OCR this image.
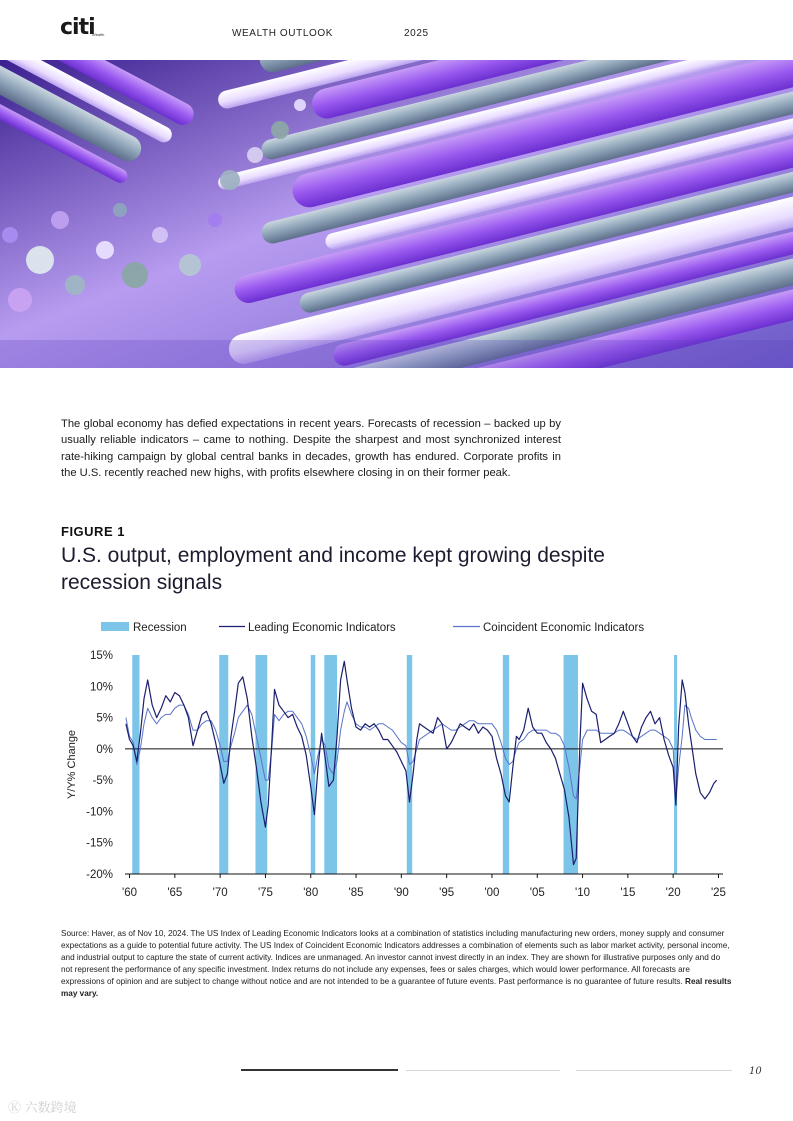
citi
Wealth	WEALTH OUTLOOK	2025

The global economy has defied expectations in recent years. Forecasts of recession – backed up by usually reliable indicators – came to nothing. Despite the sharpest and most synchronized interest rate-hiking campaign by global central banks in decades, growth has endured. Corporate profits in the U.S. recently reached new highs, with profits elsewhere closing in on their former peak.

FIGURE 1
U.S. output, employment and income kept growing despite recession signals
Recession	Leading Economic Indicators	Coincident Economic Indicators
15%
10%
5%
0%
-5%
-10%
-15%
-20%
'60	'65	'70	'75	'80	'85	'90	'95	'00	'05	'10	'15	'20	'25
Y/Y% Change
Source: Haver, as of Nov 10, 2024. The US Index of Leading Economic Indicators looks at a combination of statistics including manufacturing new orders, money supply and consumer expectations as a guide to potential future activity. The US Index of Coincident Economic Indicators addresses a combination of elements such as labor market activity, personal income, and industrial output to capture the state of current activity. Indices are unmanaged. An investor cannot invest directly in an index. They are shown for illustrative purposes only and do not represent the performance of any specific investment. Index returns do not include any expenses, fees or sales charges, which would lower performance. All forecasts are expressions of opinion and are subject to change without notice and are not intended to be a guarantee of future events. Past performance is no guarantee of future results. Real results may vary.
10
Ⓚ 六数跨境
